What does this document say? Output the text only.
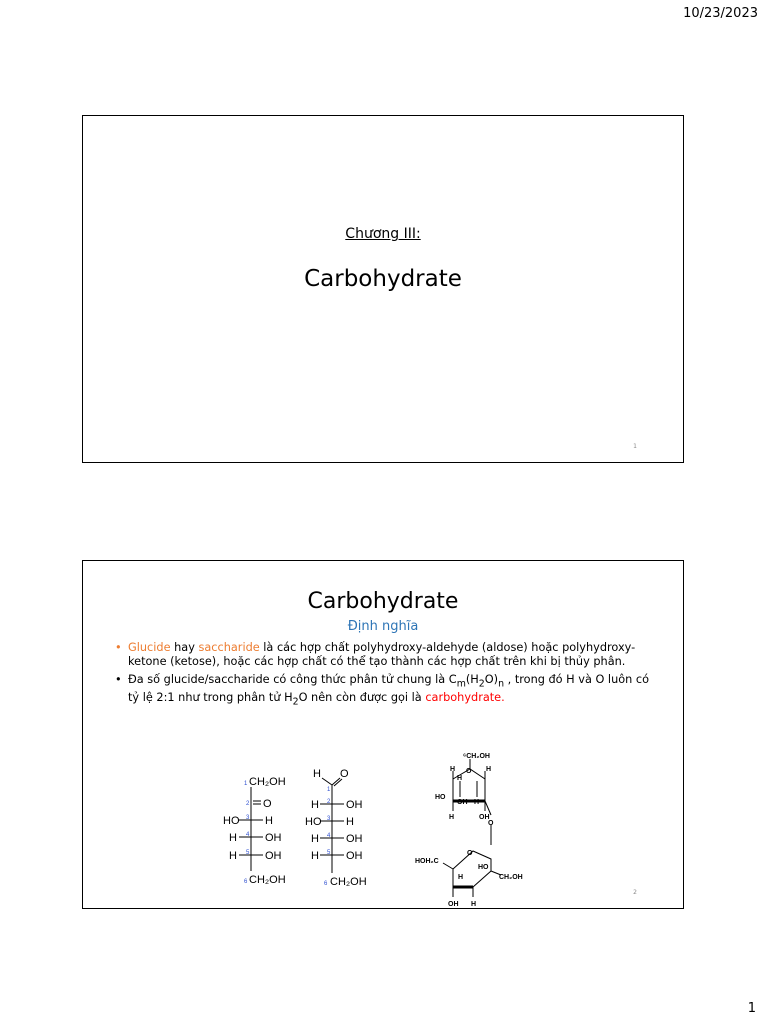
10/23/2023
Chương III:
Carbohydrate
1
Carbohydrate
Định nghĩa
• Glucide hay saccharide là các hợp chất polyhydroxy-aldehyde (aldose) hoặc polyhydroxy-ketone (ketose), hoặc các hợp chất có thể tạo thành các hợp chất trên khi bị thủy phân.
• Đa số glucide/saccharide có công thức phân tử chung là $C_m(H_2O)_n$ , trong đó H và O luôn có tỷ lệ 2:1 như trong phân tử $H_2O$ nên còn được gọi là carbohydrate.
CH₂OH
O
HO H
H	OH
H	OH
CH₂OH
1
2
3
4
5
6
H O
H OH
HO H
H OH
H OH
CH₂OH
1
2
3
4
5
6
⁶CH₂OH
O
O
O
H
H
H
OH
HO
H
OH
H
HOH₂C
H
HO
CH₂OH
OH H
2
1
